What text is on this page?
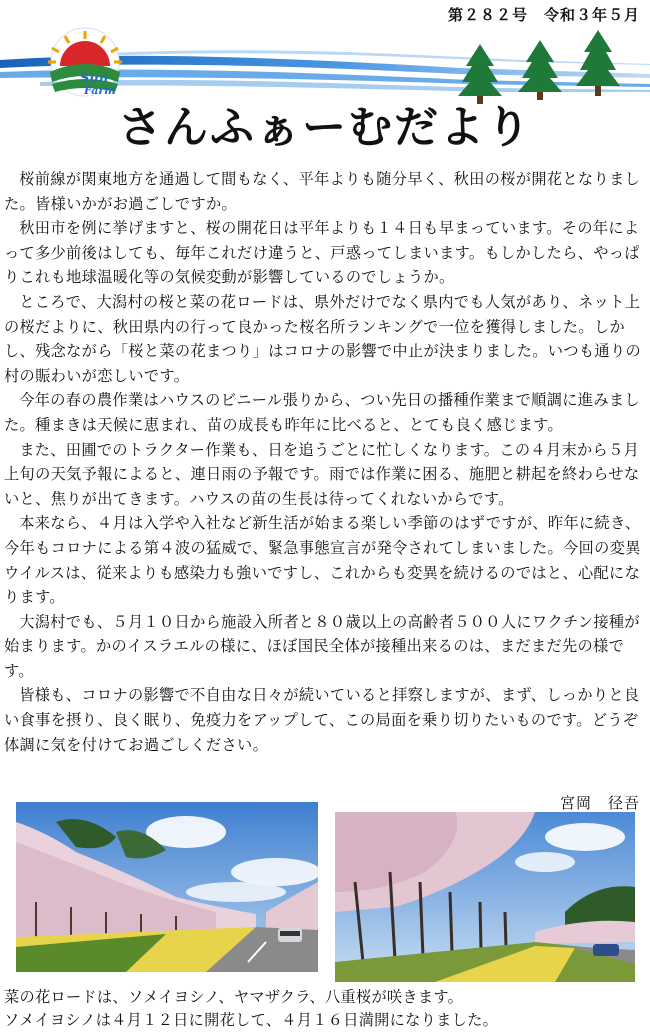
第２８２号　令和３年５月
Sun
Farm
さんふぁーむだより

桜前線が関東地方を通過して間もなく、平年よりも随分早く、秋田の桜が開花となりました。皆様いかがお過ごしですか。

秋田市を例に挙げますと、桜の開花日は平年よりも１４日も早まっています。その年によって多少前後はしても、毎年これだけ違うと、戸惑ってしまいます。もしかしたら、やっぱりこれも地球温暖化等の気候変動が影響しているのでしょうか。

ところで、大潟村の桜と菜の花ロードは、県外だけでなく県内でも人気があり、ネット上の桜だよりに、秋田県内の行って良かった桜名所ランキングで一位を獲得しました。しかし、残念ながら「桜と菜の花まつり」はコロナの影響で中止が決まりました。いつも通りの村の賑わいが恋しいです。

今年の春の農作業はハウスのビニール張りから、つい先日の播種作業まで順調に進みました。種まきは天候に恵まれ、苗の成長も昨年に比べると、とても良く感じます。

また、田圃でのトラクター作業も、日を追うごとに忙しくなります。この４月末から５月上旬の天気予報によると、連日雨の予報です。雨では作業に困る、施肥と耕起を終わらせないと、焦りが出てきます。ハウスの苗の生長は待ってくれないからです。

本来なら、４月は入学や入社など新生活が始まる楽しい季節のはずですが、昨年に続き、今年もコロナによる第４波の猛威で、緊急事態宣言が発令されてしまいました。今回の変異ウイルスは、従来よりも感染力も強いですし、これからも変異を続けるのではと、心配になります。

大潟村でも、５月１０日から施設入所者と８０歳以上の高齢者５００人にワクチン接種が始まります。かのイスラエルの様に、ほぼ国民全体が接種出来るのは、まだまだ先の様です。

皆様も、コロナの影響で不自由な日々が続いていると拝察しますが、まず、しっかりと良い食事を摂り、良く眠り、免疫力をアップして、この局面を乗り切りたいものです。どうぞ体調に気を付けてお過ごしください。

宮岡　径吾

菜の花ロードは、ソメイヨシノ、ヤマザクラ、八重桜が咲きます。

ソメイヨシノは４月１２日に開花して、４月１６日満開になりました。
